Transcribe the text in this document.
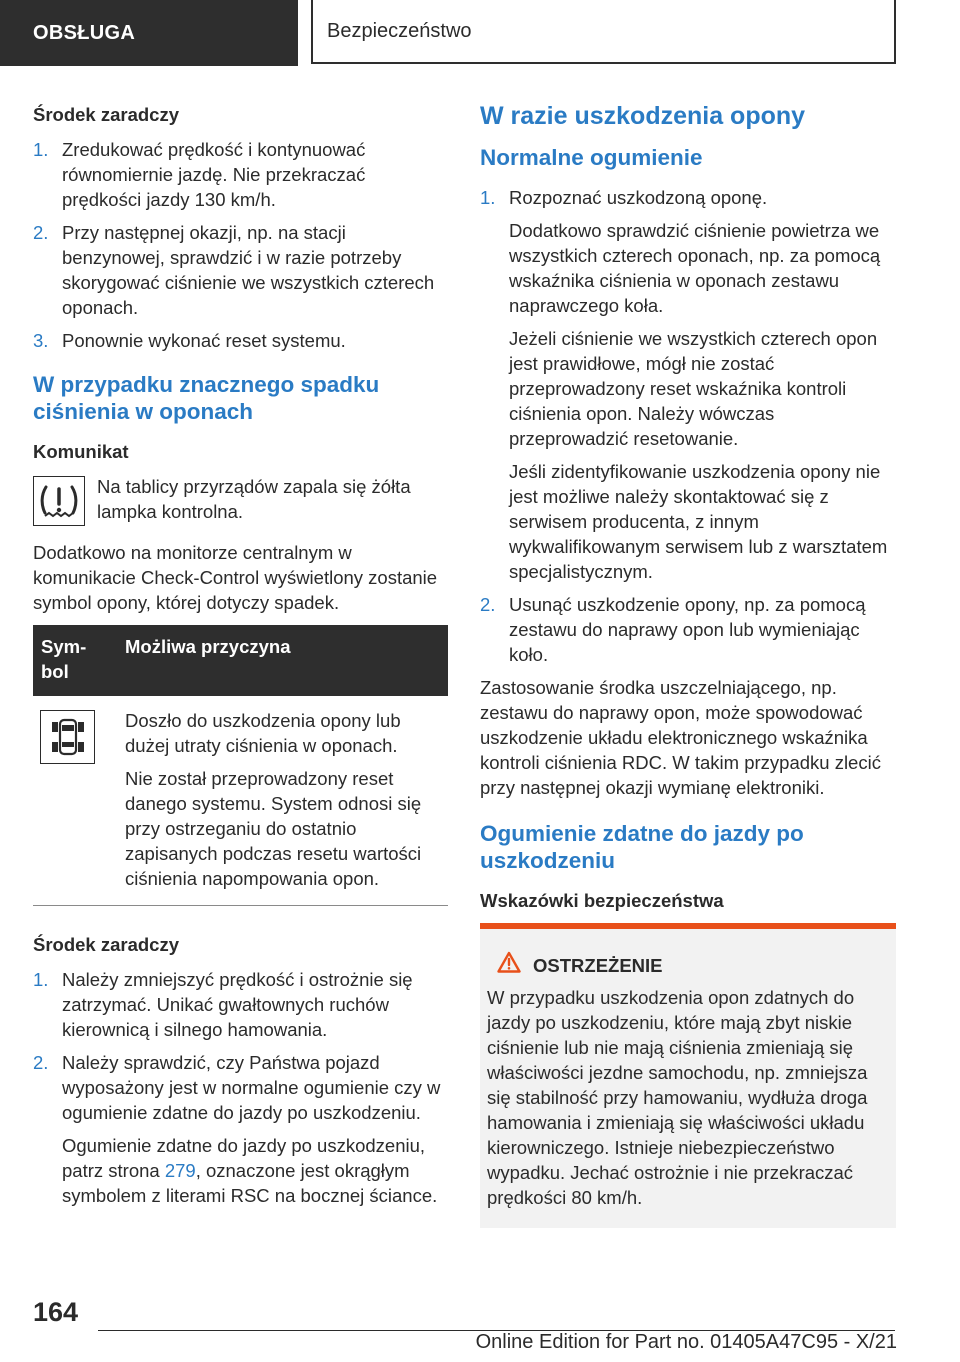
OBSŁUGA	Bezpieczeństwo
Środek zaradczy
1. Zredukować prędkość i kontynuować równomiernie jazdę. Nie przekraczać prędkości jazdy 130 km/h.
2. Przy następnej okazji, np. na stacji benzynowej, sprawdzić i w razie potrzeby skorygować ciśnienie we wszystkich czterech oponach.
3. Ponownie wykonać reset systemu.
W przypadku znacznego spadku ciśnienia w oponach
Komunikat
Na tablicy przyrządów zapala się żółta lampka kontrolna.

Dodatkowo na monitorze centralnym w komunikacie Check-Control wyświetlony zostanie symbol opony, której dotyczy spadek.

Sym-bol
Możliwa przyczyna

Doszło do uszkodzenia opony lub dużej utraty ciśnienia w oponach.

Nie został przeprowadzony reset danego systemu. System odnosi się przy ostrzeganiu do ostatnio zapisanych podczas resetu wartości ciśnienia napompowania opon.

Środek zaradczy
1. Należy zmniejszyć prędkość i ostrożnie się zatrzymać. Unikać gwałtownych ruchów kierownicą i silnego hamowania.
2. Należy sprawdzić, czy Państwa pojazd wyposażony jest w normalne ogumienie czy w ogumienie zdatne do jazdy po uszkodzeniu.

Ogumienie zdatne do jazdy po uszkodzeniu, patrz strona 279, oznaczone jest okrągłym symbolem z literami RSC na bocznej ściance.

W razie uszkodzenia opony
Normalne ogumienie
1. Rozpoznać uszkodzoną oponę.

Dodatkowo sprawdzić ciśnienie powietrza we wszystkich czterech oponach, np. za pomocą wskaźnika ciśnienia w oponach zestawu naprawczego koła.

Jeżeli ciśnienie we wszystkich czterech opon jest prawidłowe, mógł nie zostać przeprowadzony reset wskaźnika kontroli ciśnienia opon. Należy wówczas przeprowadzić resetowanie.

Jeśli zidentyfikowanie uszkodzenia opony nie jest możliwe należy skontaktować się z serwisem producenta, z innym wykwalifikowanym serwisem lub z warsztatem specjalistycznym.

2. Usunąć uszkodzenie opony, np. za pomocą zestawu do naprawy opon lub wymieniając koło.

Zastosowanie środka uszczelniającego, np. zestawu do naprawy opon, może spowodować uszkodzenie układu elektronicznego wskaźnika kontroli ciśnienia RDC. W takim przypadku zlecić przy następnej okazji wymianę elektroniki.

Ogumienie zdatne do jazdy po uszkodzeniu
Wskazówki bezpieczeństwa
OSTRZEŻENIE
W przypadku uszkodzenia opon zdatnych do jazdy po uszkodzeniu, które mają zbyt niskie ciśnienie lub nie mają ciśnienia zmieniają się właściwości jezdne samochodu, np. zmniejsza się stabilność przy hamowaniu, wydłuża droga hamowania i zmieniają się właściwości układu kierowniczego. Istnieje niebezpieczeństwo wypadku. Jechać ostrożnie i nie przekraczać prędkości 80 km/h.
164
Online Edition for Part no. 01405A47C95 - X/21
